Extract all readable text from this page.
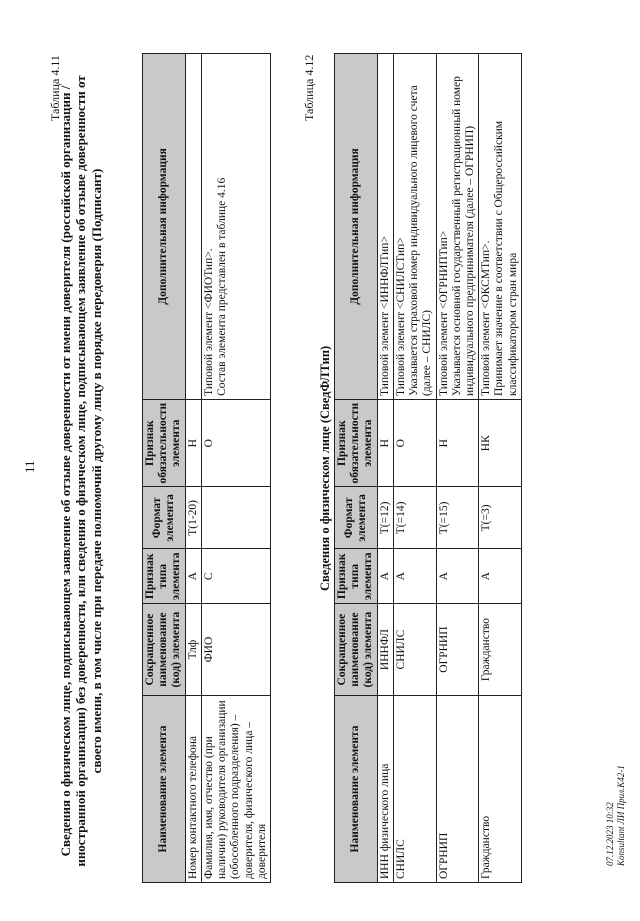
11
Таблица 4.11
Сведения о физическом лице, подписывающем заявление об отзыве доверенности от имени доверителя (российской организации / иностранной организации) без доверенности, или сведения о физическом лице, подписывающем заявление об отзыве доверенности от своего имени, в том числе при передаче полномочий другому лицу в порядке передоверия (Подписант)
Наименование элемента	Сокращенное наименование (код) элемента	Признак типа элемента	Формат элемента	Признак обязательности элемента	Дополнительная информация
Номер контактного телефона	Тлф	А	Т(1-20)	Н	
Фамилия, имя, отчество (при наличии) руководителя организации (обособленного подразделения) – доверителя, физического лица – доверителя	ФИО	С		О	Типовой элемент <ФИОТип>.
Состав элемента представлен в таблице 4.16
Таблица 4.12
Сведения о физическом лице (СведФЛТип)
Наименование элемента	Сокращенное наименование (код) элемента	Признак типа элемента	Формат элемента	Признак обязательности элемента	Дополнительная информация
ИНН физического лица	ИННФЛ	А	T(=12)	Н	Типовой элемент <ИННФЛТип>
СНИЛС	СНИЛС	А	T(=14)	О	Типовой элемент <СНИЛСТип>
Указывается страховой номер индивидуального лицевого счета (далее – СНИЛС)
ОГРНИП	ОГРНИП	А	T(=15)	Н	Типовой элемент <ОГРНИПТип>
Указывается основной государственный регистрационный номер индивидуального предпринимателя (далее – ОГРНИП)
Гражданство	Гражданство	А	T(=3)	НК	Типовой элемент <ОКСМТип>.
Принимает значение в соответствии с Общероссийским классификатором стран мира
07.12.2023 10:32 Konsultant ЛИ Прил.К42-1
